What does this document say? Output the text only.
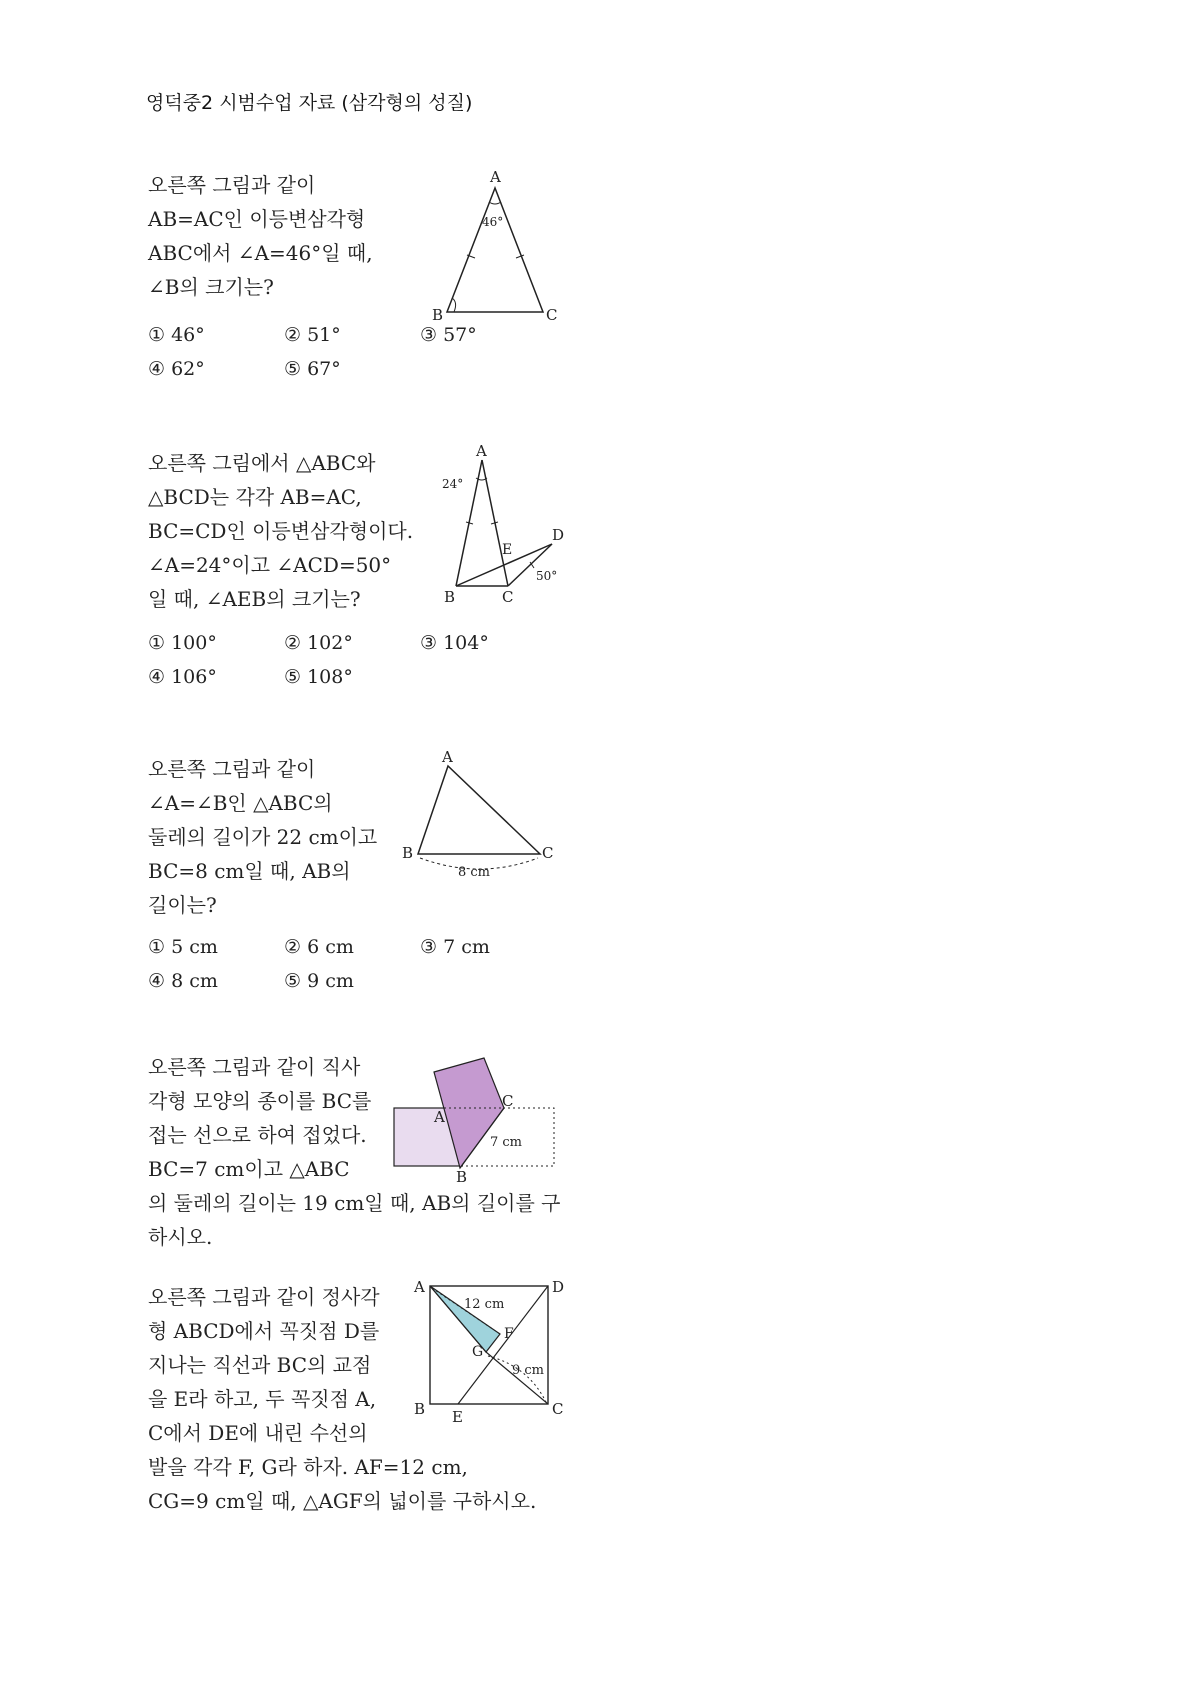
영덕중2 시범수업 자료 (삼각형의 성질)
오른쪽 그림과 같이
AB=AC인 이등변삼각형
ABC에서 ∠A=46°일 때,
∠B의 크기는?
① 46°	② 51°	③ 57°
④ 62°	⑤ 67°
A
B	C
46°
오른쪽 그림에서 △ABC와
△BCD는 각각 AB=AC,
BC=CD인 이등변삼각형이다.
∠A=24°이고 ∠ACD=50°
일 때, ∠AEB의 크기는?
① 100°	② 102°	③ 104°
④ 106°	⑤ 108°
A
B	C
D
E
24°
50°
오른쪽 그림과 같이
∠A=∠B인 △ABC의
둘레의 길이가 22 cm이고
BC=8 cm일 때, AB의
길이는?
① 5 cm	② 6 cm	③ 7 cm
④ 8 cm	⑤ 9 cm
A
B	C
8 cm
오른쪽 그림과 같이 직사
각형 모양의 종이를 BC를
접는 선으로 하여 접었다.
BC=7 cm이고 △ABC
의 둘레의 길이는 19 cm일 때, AB의 길이를 구
하시오.
A
B
C
7 cm
오른쪽 그림과 같이 정사각
형 ABCD에서 꼭짓점 D를
지나는 직선과 BC의 교점
을 E라 하고, 두 꼭짓점 A,
C에서 DE에 내린 수선의
발을 각각 F, G라 하자. AF=12 cm,
CG=9 cm일 때, △AGF의 넓이를 구하시오.
A
B	C
D
E
F
G
12 cm
9 cm
